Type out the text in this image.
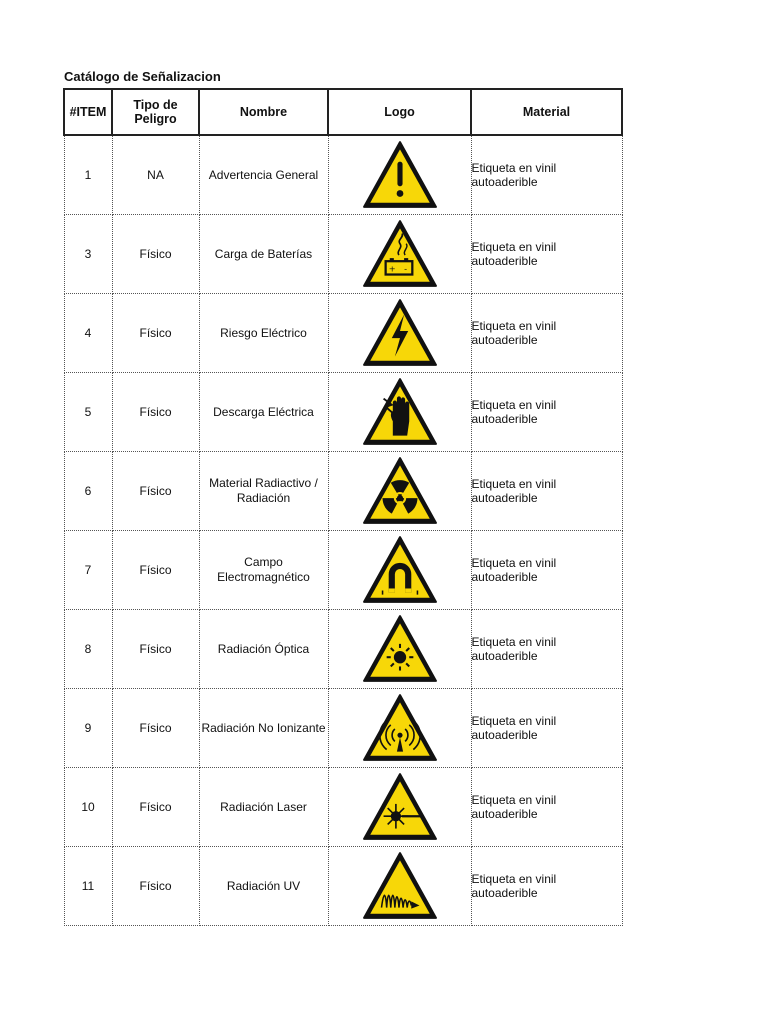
Catálogo de Señalizacion
#ITEM	Tipo de Peligro	Nombre	Logo	Material
1	NA	Advertencia General		Etiqueta en vinil autoaderible
3	Físico	Carga de Baterías	+ -	Etiqueta en vinil autoaderible
4	Físico	Riesgo Eléctrico		Etiqueta en vinil autoaderible
5	Físico	Descarga Eléctrica		Etiqueta en vinil autoaderible
6	Físico	Material Radiactivo / Radiación		Etiqueta en vinil autoaderible
7	Físico	Campo Electromagnético		Etiqueta en vinil autoaderible
8	Físico	Radiación Óptica		Etiqueta en vinil autoaderible
9	Físico	Radiación No Ionizante		Etiqueta en vinil autoaderible
10	Físico	Radiación Laser		Etiqueta en vinil autoaderible
11	Físico	Radiación UV		Etiqueta en vinil autoaderible
